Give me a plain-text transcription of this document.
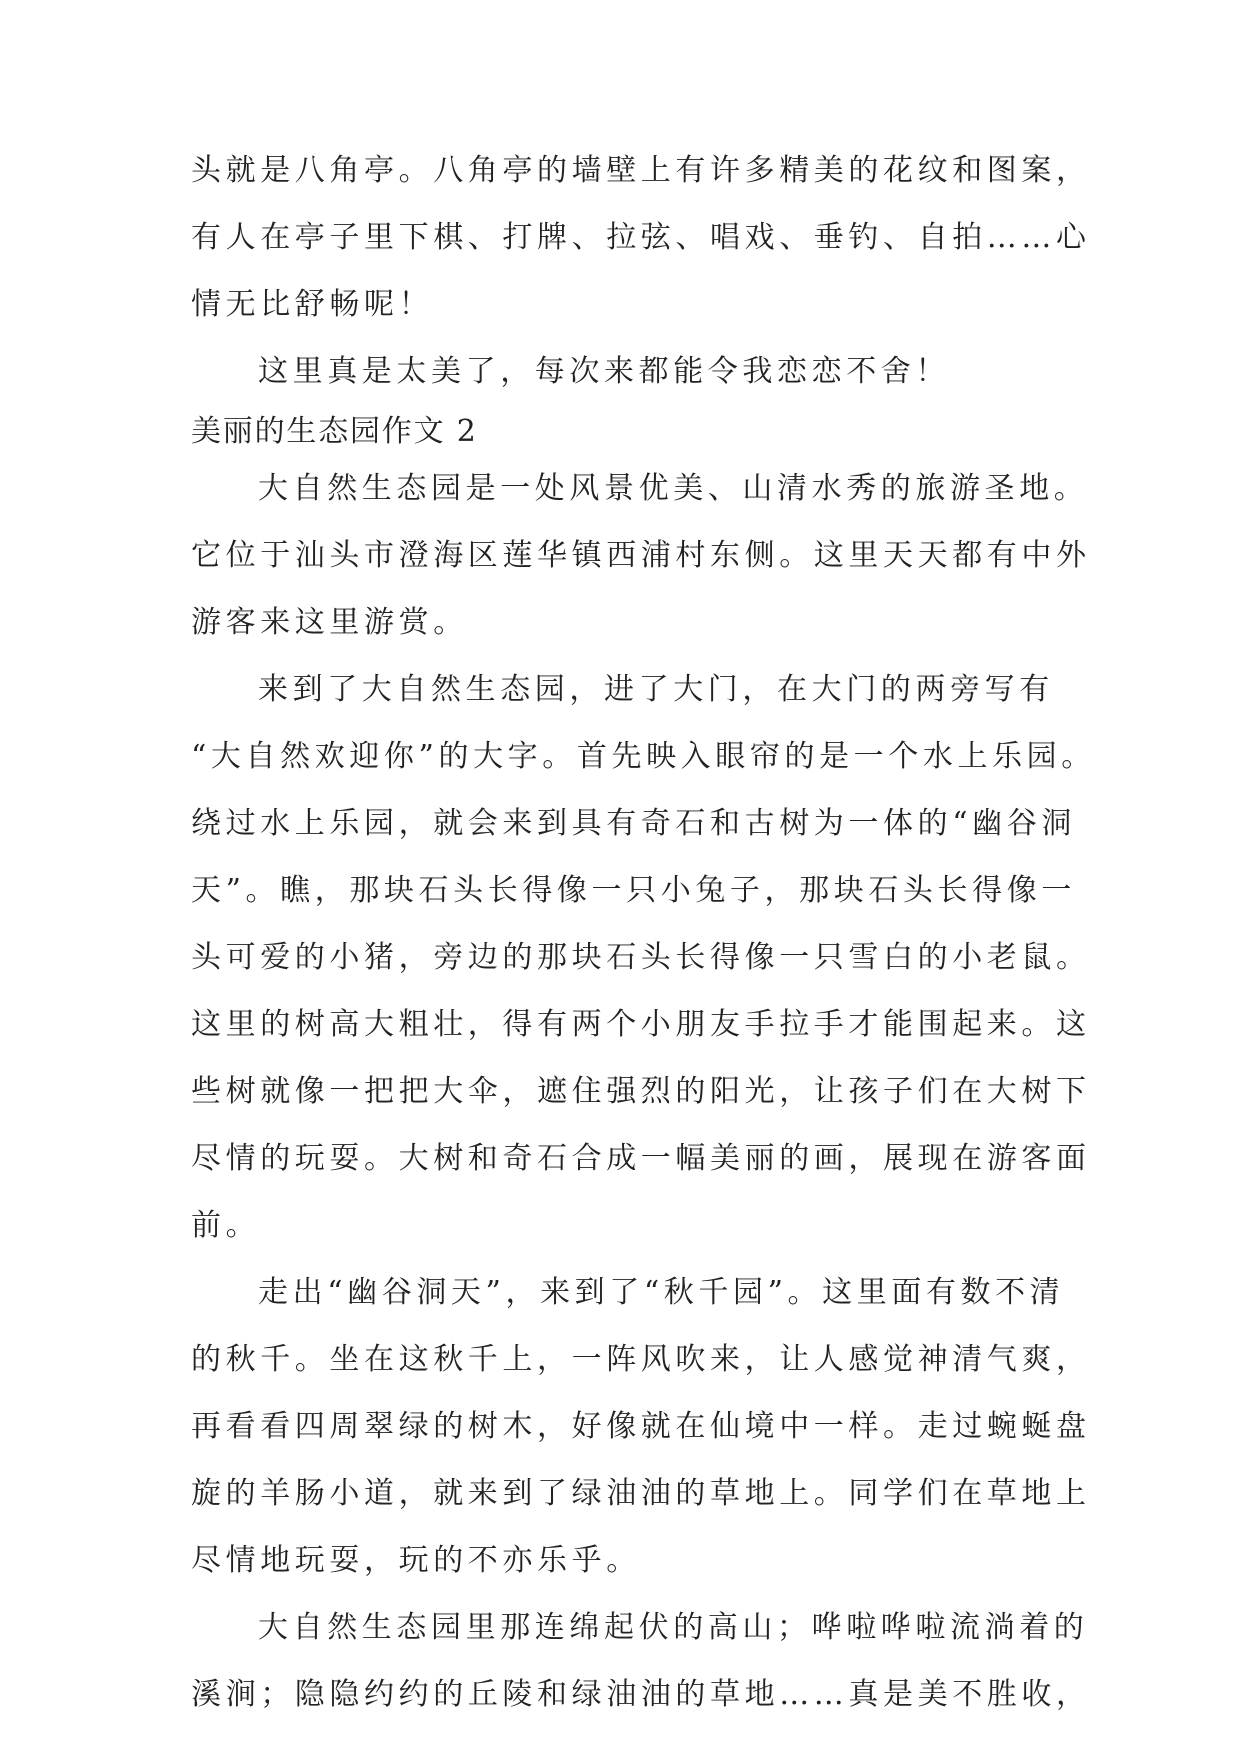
头就是八角亭。八角亭的墙壁上有许多精美的花纹和图案，
有人在亭子里下棋、打牌、拉弦、唱戏、垂钓、自拍……心
情无比舒畅呢！
这里真是太美了，每次来都能令我恋恋不舍！
美丽的生态园作文 2
大自然生态园是一处风景优美、山清水秀的旅游圣地。
它位于汕头市澄海区莲华镇西浦村东侧。这里天天都有中外
游客来这里游赏。
来到了大自然生态园，进了大门，在大门的两旁写有
“大自然欢迎你”的大字。首先映入眼帘的是一个水上乐园。
绕过水上乐园，就会来到具有奇石和古树为一体的“幽谷洞
天”。瞧，那块石头长得像一只小兔子，那块石头长得像一
头可爱的小猪，旁边的那块石头长得像一只雪白的小老鼠。
这里的树高大粗壮，得有两个小朋友手拉手才能围起来。这
些树就像一把把大伞，遮住强烈的阳光，让孩子们在大树下
尽情的玩耍。大树和奇石合成一幅美丽的画，展现在游客面
前。
走出“幽谷洞天”，来到了“秋千园”。这里面有数不清
的秋千。坐在这秋千上，一阵风吹来，让人感觉神清气爽，
再看看四周翠绿的树木，好像就在仙境中一样。走过蜿蜒盘
旋的羊肠小道，就来到了绿油油的草地上。同学们在草地上
尽情地玩耍，玩的不亦乐乎。
大自然生态园里那连绵起伏的高山；哗啦哗啦流淌着的
溪涧；隐隐约约的丘陵和绿油油的草地……真是美不胜收，
